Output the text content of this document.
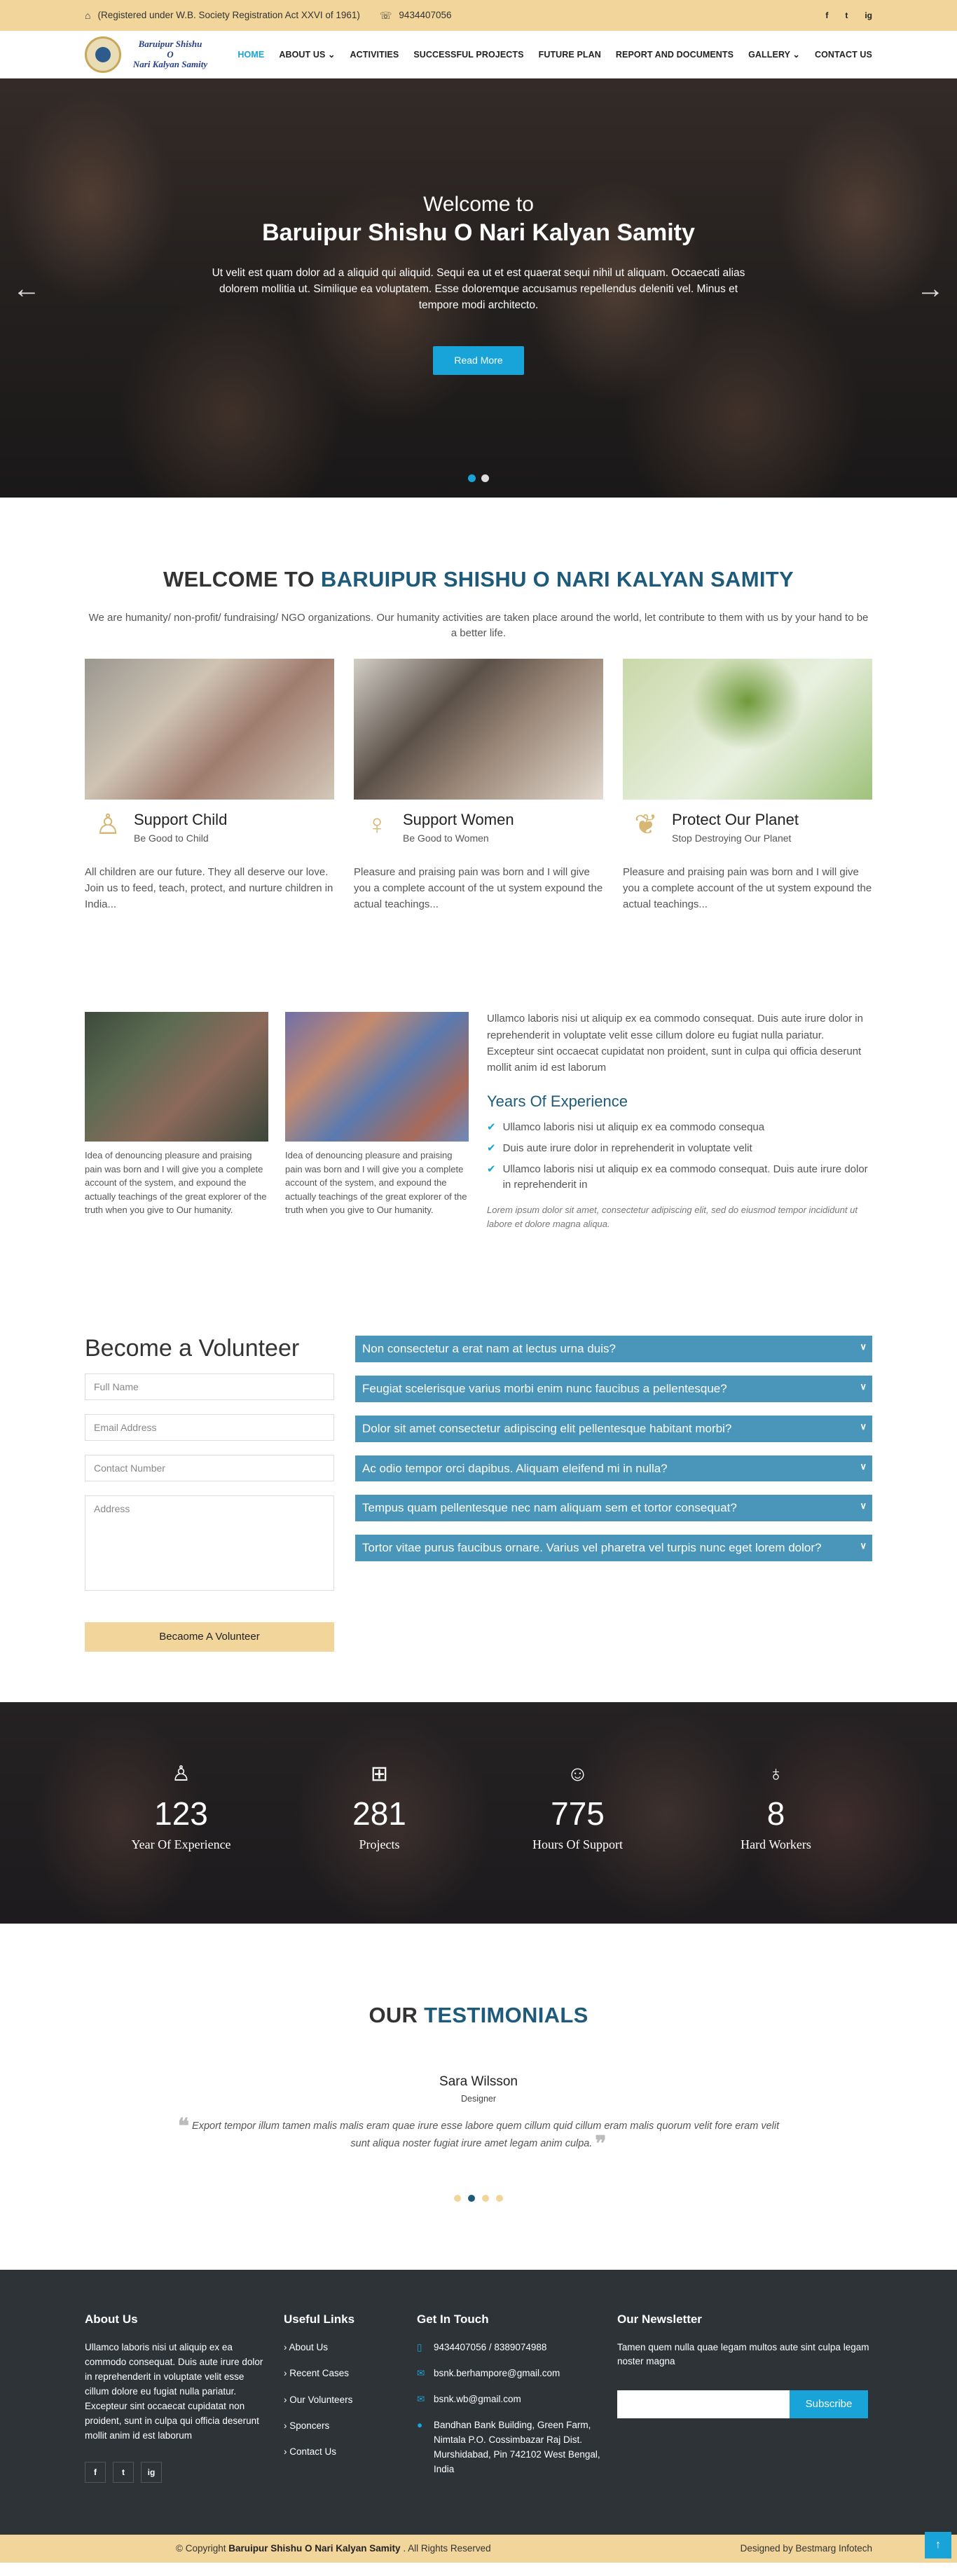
⌂ (Registered under W.B. Society Registration Act XXVI of 1961) ☏ 9434407056	f t ig
Baruipur Shishu
O
Nari Kalyan Samity
HOME ABOUT US ⌄ ACTIVITIES SUCCESSFUL PROJECTS FUTURE PLAN REPORT AND DOCUMENTS GALLERY ⌄ CONTACT US
←	→
Welcome to
Baruipur Shishu O Nari Kalyan Samity

Ut velit est quam dolor ad a aliquid qui aliquid. Sequi ea ut et est quaerat sequi nihil ut aliquam. Occaecati alias dolorem mollitia ut. Similique ea voluptatem. Esse doloremque accusamus repellendus deleniti vel. Minus et tempore modi architecto.

Read More
WELCOME TO BARUIPUR SHISHU O NARI KALYAN SAMITY

We are humanity/ non-profit/ fundraising/ NGO organizations. Our humanity activities are taken place around the world, let contribute to them with us by your hand to be a better life.

♙ Support Child
Be Good to Child

All children are our future. They all deserve our love. Join us to feed, teach, protect, and nurture children in India...

♀ Support Women
Be Good to Women

Pleasure and praising pain was born and I will give you a complete account of the ut system expound the actual teachings...

❦ Protect Our Planet
Stop Destroying Our Planet

Pleasure and praising pain was born and I will give you a complete account of the ut system expound the actual teachings...

Idea of denouncing pleasure and praising pain was born and I will give you a complete account of the system, and expound the actually teachings of the great explorer of the truth when you give to Our humanity.

Idea of denouncing pleasure and praising pain was born and I will give you a complete account of the system, and expound the actually teachings of the great explorer of the truth when you give to Our humanity.

Ullamco laboris nisi ut aliquip ex ea commodo consequat. Duis aute irure dolor in reprehenderit in voluptate velit esse cillum dolore eu fugiat nulla pariatur. Excepteur sint occaecat cupidatat non proident, sunt in culpa qui officia deserunt mollit anim id est laborum

Years Of Experience
✔ Ullamco laboris nisi ut aliquip ex ea commodo consequa
✔ Duis aute irure dolor in reprehenderit in voluptate velit
✔ Ullamco laboris nisi ut aliquip ex ea commodo consequat. Duis aute irure dolor in reprehenderit in

Lorem ipsum dolor sit amet, consectetur adipiscing elit, sed do eiusmod tempor incididunt ut labore et dolore magna aliqua.

Become a Volunteer
Full Name
Email Address
Contact Number
Address
Becaome A Volunteer
Non consectetur a erat nam at lectus urna duis?	∨
Feugiat scelerisque varius morbi enim nunc faucibus a pellentesque?	∨
Dolor sit amet consectetur adipiscing elit pellentesque habitant morbi?	∨
Ac odio tempor orci dapibus. Aliquam eleifend mi in nulla?	∨
Tempus quam pellentesque nec nam aliquam sem et tortor consequat?	∨
Tortor vitae purus faucibus ornare. Varius vel pharetra vel turpis nunc eget lorem dolor?	∨
♙
123
Year Of Experience
⊞
281
Projects
☺
775
Hours Of Support
♁
8
Hard Workers
OUR TESTIMONIALS
Sara Wilsson
Designer

❝ Export tempor illum tamen malis malis eram quae irure esse labore quem cillum quid cillum eram malis quorum velit fore eram velit sunt aliqua noster fugiat irure amet legam anim culpa. ❞

About Us

Ullamco laboris nisi ut aliquip ex ea commodo consequat. Duis aute irure dolor in reprehenderit in voluptate velit esse cillum dolore eu fugiat nulla pariatur. Excepteur sint occaecat cupidatat non proident, sunt in culpa qui officia deserunt mollit anim id est laborum

f	t	ig
Useful Links
› About Us
› Recent Cases
› Our Volunteers
› Sponcers
› Contact Us
Get In Touch
▯	9434407056 / 8389074988
✉ bsnk.berhampore@gmail.com
✉ bsnk.wb@gmail.com
● Bandhan Bank Building, Green Farm, Nimtala P.O. Cossimbazar Raj Dist. Murshidabad, Pin 742102 West Bengal, India
Our Newsletter

Tamen quem nulla quae legam multos aute sint culpa legam noster magna

Subscribe
© Copyright Baruipur Shishu O Nari Kalyan Samity . All Rights Reserved	Designed by Bestmarg Infotech	↑
